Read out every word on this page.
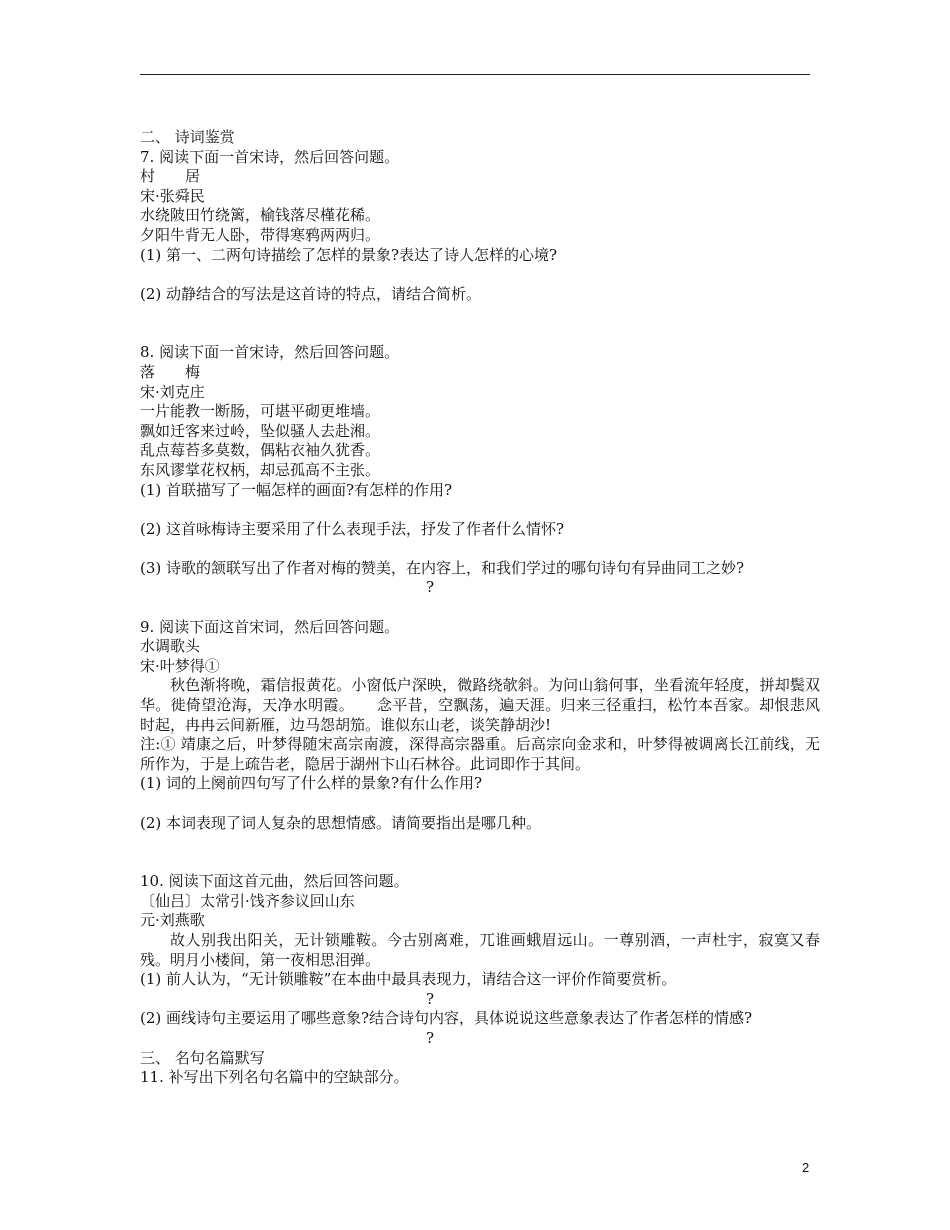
二、 诗词鉴赏

7. 阅读下面一首宋诗，然后回答问题。

村　　居

宋·张舜民

水绕陂田竹绕篱，榆钱落尽槿花稀。

夕阳牛背无人卧，带得寒鸦两两归。

(1) 第一、二两句诗描绘了怎样的景象?表达了诗人怎样的心境?

(2) 动静结合的写法是这首诗的特点，请结合简析。

8. 阅读下面一首宋诗，然后回答问题。

落　　梅

宋·刘克庄

一片能教一断肠，可堪平砌更堆墙。

飘如迁客来过岭，坠似骚人去赴湘。

乱点莓苔多莫数，偶粘衣袖久犹香。

东风谬掌花权柄，却忌孤高不主张。

(1) 首联描写了一幅怎样的画面?有怎样的作用?

(2) 这首咏梅诗主要采用了什么表现手法，抒发了作者什么情怀?

(3) 诗歌的颔联写出了作者对梅的赞美，在内容上，和我们学过的哪句诗句有异曲同工之妙?

?

9. 阅读下面这首宋词，然后回答问题。

水调歌头

宋·叶梦得①

秋色渐将晚，霜信报黄花。小窗低户深映，微路绕欹斜。为问山翁何事，坐看流年轻度，拼却鬓双华。徙倚望沧海，天净水明霞。　　念平昔，空飘荡，遍天涯。归来三径重扫，松竹本吾家。却恨悲风时起，冉冉云间新雁，边马怨胡笳。谁似东山老，谈笑静胡沙!

注:① 靖康之后，叶梦得随宋高宗南渡，深得高宗器重。后高宗向金求和，叶梦得被调离长江前线，无所作为，于是上疏告老，隐居于湖州卞山石林谷。此词即作于其间。

(1) 词的上阕前四句写了什么样的景象?有什么作用?

(2) 本词表现了词人复杂的思想情感。请简要指出是哪几种。

10. 阅读下面这首元曲，然后回答问题。

〔仙吕〕太常引·饯齐参议回山东

元·刘燕歌

故人别我出阳关，无计锁雕鞍。今古别离难，兀谁画蛾眉远山。一尊别酒，一声杜宇，寂寞又春残。明月小楼间，第一夜相思泪弹。

(1) 前人认为，“无计锁雕鞍”在本曲中最具表现力，请结合这一评价作简要赏析。

?

(2) 画线诗句主要运用了哪些意象?结合诗句内容，具体说说这些意象表达了作者怎样的情感?

?

三、 名句名篇默写

11. 补写出下列名句名篇中的空缺部分。

2
